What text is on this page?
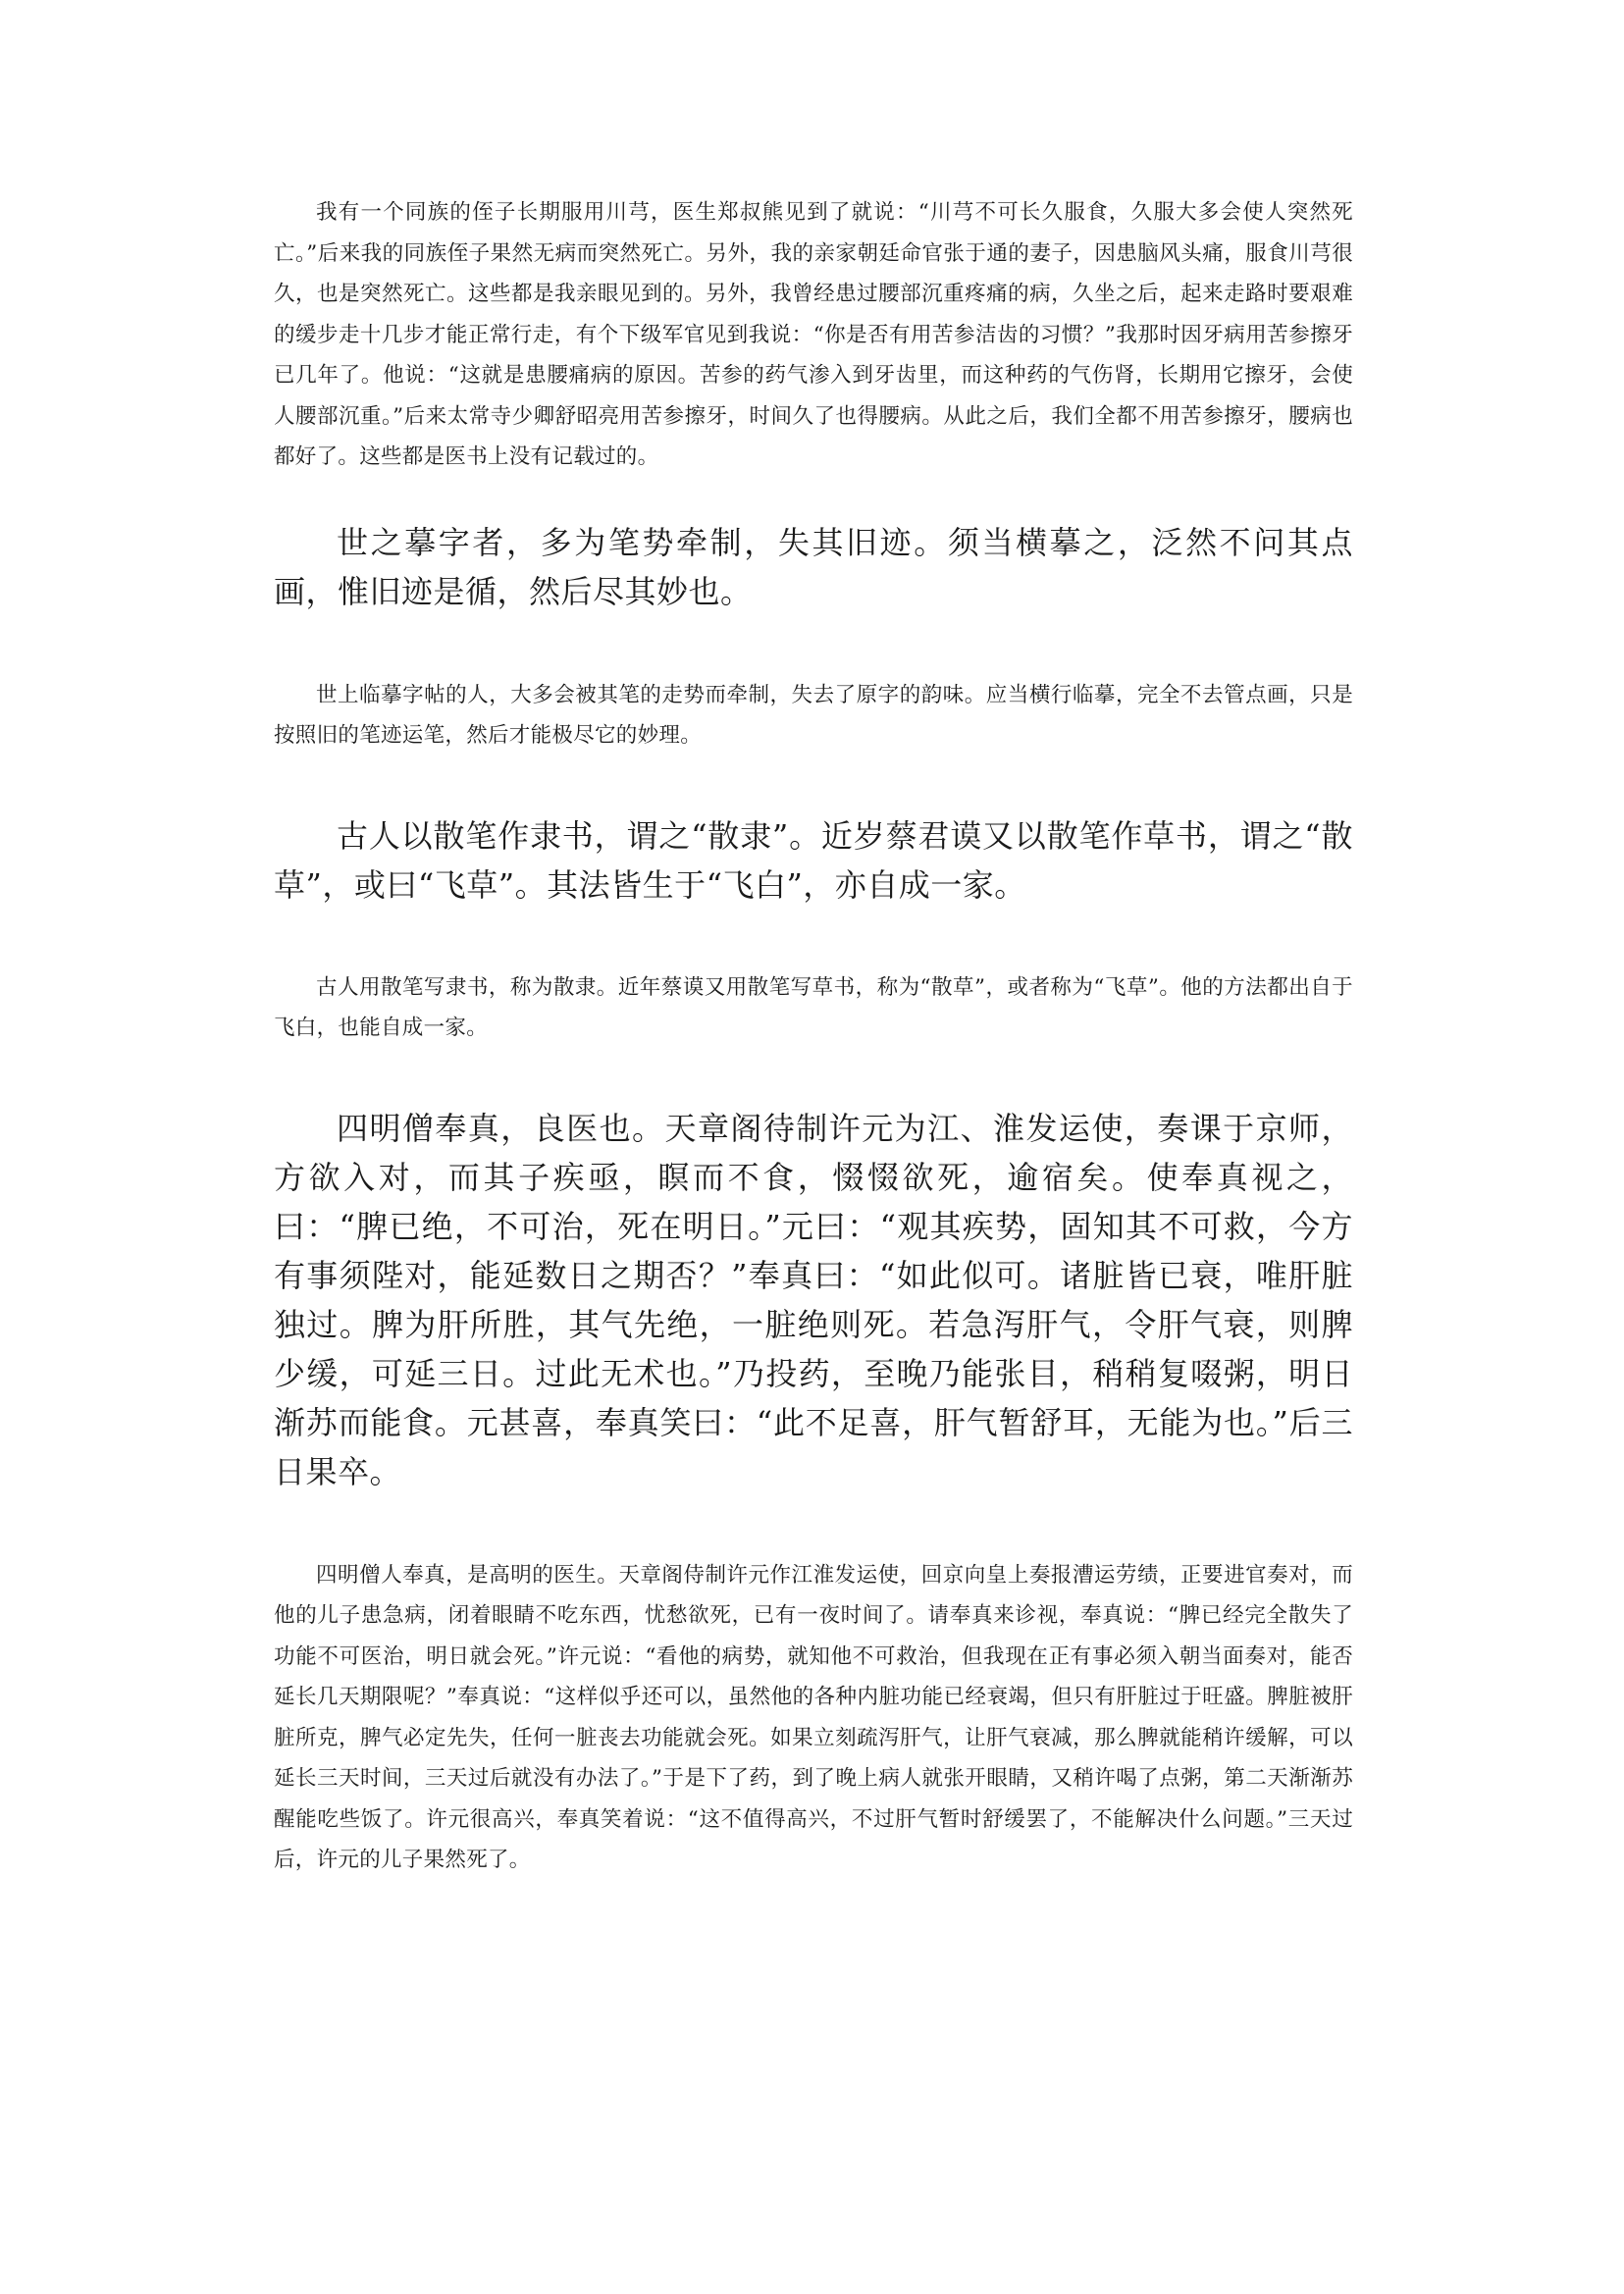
我有一个同族的侄子长期服用川芎，医生郑叔熊见到了就说：“川芎不可长久服食，久服大多会使人突然死亡。”后来我的同族侄子果然无病而突然死亡。另外，我的亲家朝廷命官张于通的妻子，因患脑风头痛，服食川芎很久，也是突然死亡。这些都是我亲眼见到的。另外，我曾经患过腰部沉重疼痛的病，久坐之后，起来走路时要艰难的缓步走十几步才能正常行走，有个下级军官见到我说：“你是否有用苦参洁齿的习惯？”我那时因牙病用苦参擦牙已几年了。他说：“这就是患腰痛病的原因。苦参的药气渗入到牙齿里，而这种药的气伤肾，长期用它擦牙，会使人腰部沉重。”后来太常寺少卿舒昭亮用苦参擦牙，时间久了也得腰病。从此之后，我们全都不用苦参擦牙，腰病也都好了。这些都是医书上没有记载过的。

世之摹字者，多为笔势牵制，失其旧迹。须当横摹之，泛然不问其点画，惟旧迹是循，然后尽其妙也。

世上临摹字帖的人，大多会被其笔的走势而牵制，失去了原字的韵味。应当横行临摹，完全不去管点画，只是按照旧的笔迹运笔，然后才能极尽它的妙理。

古人以散笔作隶书，谓之“散隶”。近岁蔡君谟又以散笔作草书，谓之“散草”，或曰“飞草”。其法皆生于“飞白”，亦自成一家。

古人用散笔写隶书，称为散隶。近年蔡谟又用散笔写草书，称为“散草”，或者称为“飞草”。他的方法都出自于飞白，也能自成一家。

四明僧奉真，良医也。天章阁待制许元为江、淮发运使，奏课于京师，方欲入对，而其子疾亟，瞑而不食，惙惙欲死，逾宿矣。使奉真视之，曰：“脾已绝，不可治，死在明日。”元曰：“观其疾势，固知其不可救，今方有事须陛对，能延数日之期否？”奉真曰：“如此似可。诸脏皆已衰，唯肝脏独过。脾为肝所胜，其气先绝，一脏绝则死。若急泻肝气，令肝气衰，则脾少缓，可延三日。过此无术也。”乃投药，至晚乃能张目，稍稍复啜粥，明日渐苏而能食。元甚喜，奉真笑曰：“此不足喜，肝气暂舒耳，无能为也。”后三日果卒。

四明僧人奉真，是高明的医生。天章阁侍制许元作江淮发运使，回京向皇上奏报漕运劳绩，正要进官奏对，而他的儿子患急病，闭着眼睛不吃东西，忧愁欲死，已有一夜时间了。请奉真来诊视，奉真说：“脾已经完全散失了功能不可医治，明日就会死。”许元说：“看他的病势，就知他不可救治，但我现在正有事必须入朝当面奏对，能否延长几天期限呢？”奉真说：“这样似乎还可以，虽然他的各种内脏功能已经衰竭，但只有肝脏过于旺盛。脾脏被肝脏所克，脾气必定先失，任何一脏丧去功能就会死。如果立刻疏泻肝气，让肝气衰减，那么脾就能稍许缓解，可以延长三天时间，三天过后就没有办法了。”于是下了药，到了晚上病人就张开眼睛，又稍许喝了点粥，第二天渐渐苏醒能吃些饭了。许元很高兴，奉真笑着说：“这不值得高兴，不过肝气暂时舒缓罢了，不能解决什么问题。”三天过后，许元的儿子果然死了。
